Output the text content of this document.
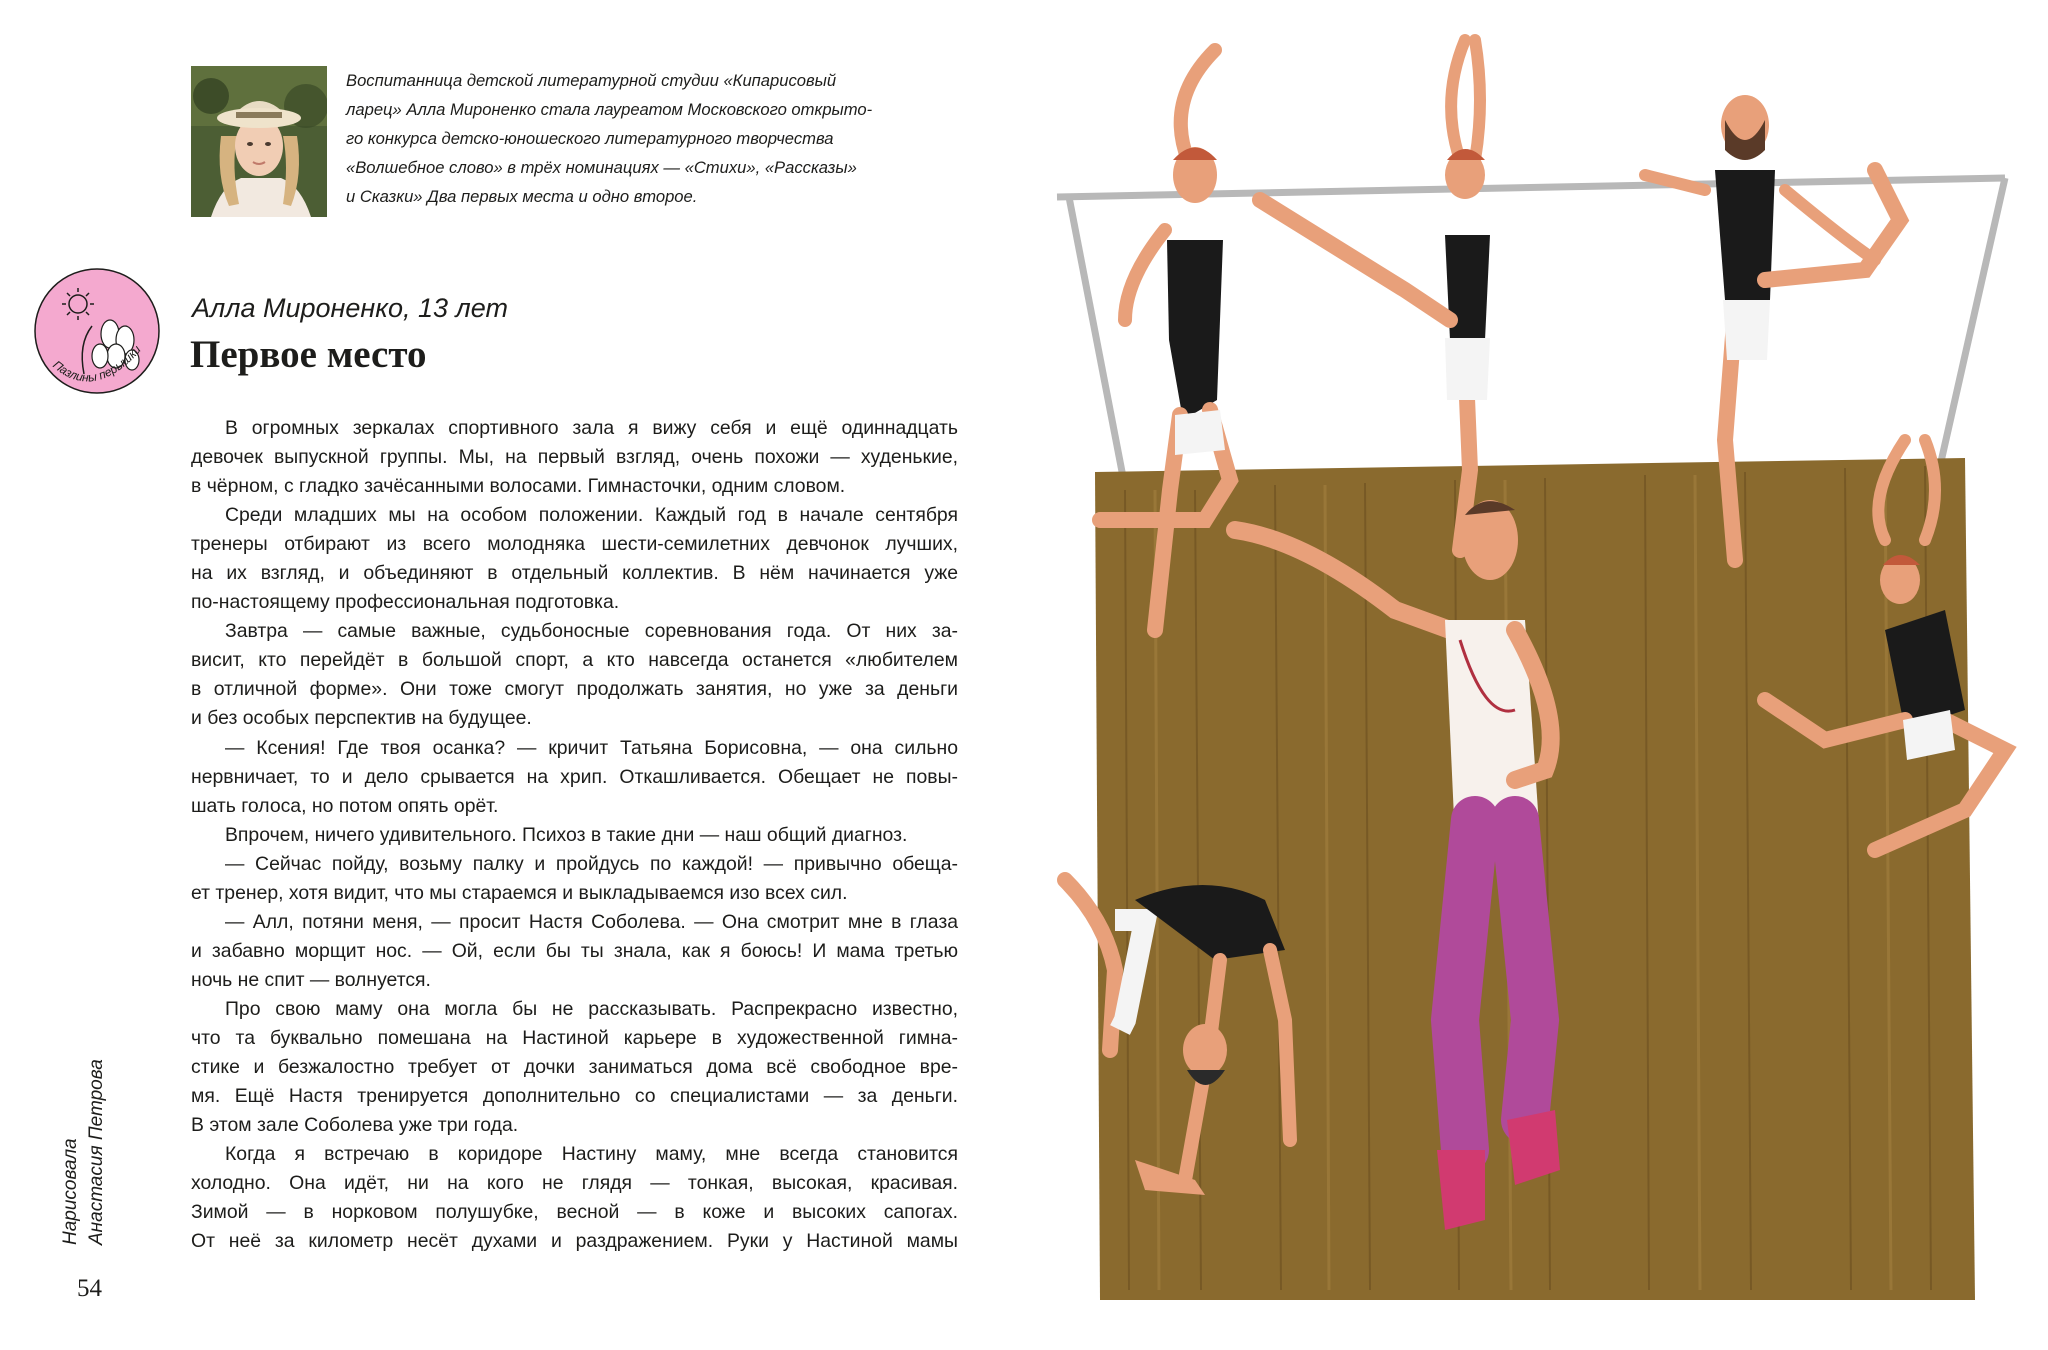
Воспитанница детской литературной студии «Кипарисовый
ларец» Алла Мироненко стала лауреатом Московского открыто-
го конкурса детско-юношеского литературного творчества
«Волшебное слово» в трёх номинациях — «Стихи», «Рассказы»
и Сказки» Два первых места и одно второе.
Пазлины перышки
Алла Мироненко, 13 лет
Первое место
В огромных зеркалах спортивного зала я вижу себя и ещё одиннадцать
девочек выпускной группы. Мы, на первый взгляд, очень похожи — худенькие,
в чёрном, с гладко зачёсанными волосами. Гимнасточки, одним словом.
Среди младших мы на особом положении. Каждый год в начале сентября
тренеры отбирают из всего молодняка шести-семилетних девчонок лучших,
на их взгляд, и объединяют в отдельный коллектив. В нём начинается уже
по-настоящему профессиональная подготовка.
Завтра — самые важные, судьбоносные соревнования года. От них за-
висит, кто перейдёт в большой спорт, а кто навсегда останется «любителем
в отличной форме». Они тоже смогут продолжать занятия, но уже за деньги
и без особых перспектив на будущее.
— Ксения! Где твоя осанка? — кричит Татьяна Борисовна, — она сильно
нервничает, то и дело срывается на хрип. Откашливается. Обещает не повы-
шать голоса, но потом опять орёт.
Впрочем, ничего удивительного. Психоз в такие дни — наш общий диагноз.
— Сейчас пойду, возьму палку и пройдусь по каждой! — привычно обеща-
ет тренер, хотя видит, что мы стараемся и выкладываемся изо всех сил.
— Алл, потяни меня, — просит Настя Соболева. — Она смотрит мне в глаза
и забавно морщит нос. — Ой, если бы ты знала, как я боюсь! И мама третью
ночь не спит — волнуется.
Про свою маму она могла бы не рассказывать. Распрекрасно известно,
что та буквально помешана на Настиной карьере в художественной гимна-
стике и безжалостно требует от дочки заниматься дома всё свободное вре-
мя. Ещё Настя тренируется дополнительно со специалистами — за деньги.
В этом зале Соболева уже три года.
Когда я встречаю в коридоре Настину маму, мне всегда становится
холодно. Она идёт, ни на кого не глядя — тонкая, высокая, красивая.
Зимой — в норковом полушубке, весной — в коже и высоких сапогах.
От неё за километр несёт духами и раздражением. Руки у Настиной мамы
Нарисовала Анастасия Петрова
54
